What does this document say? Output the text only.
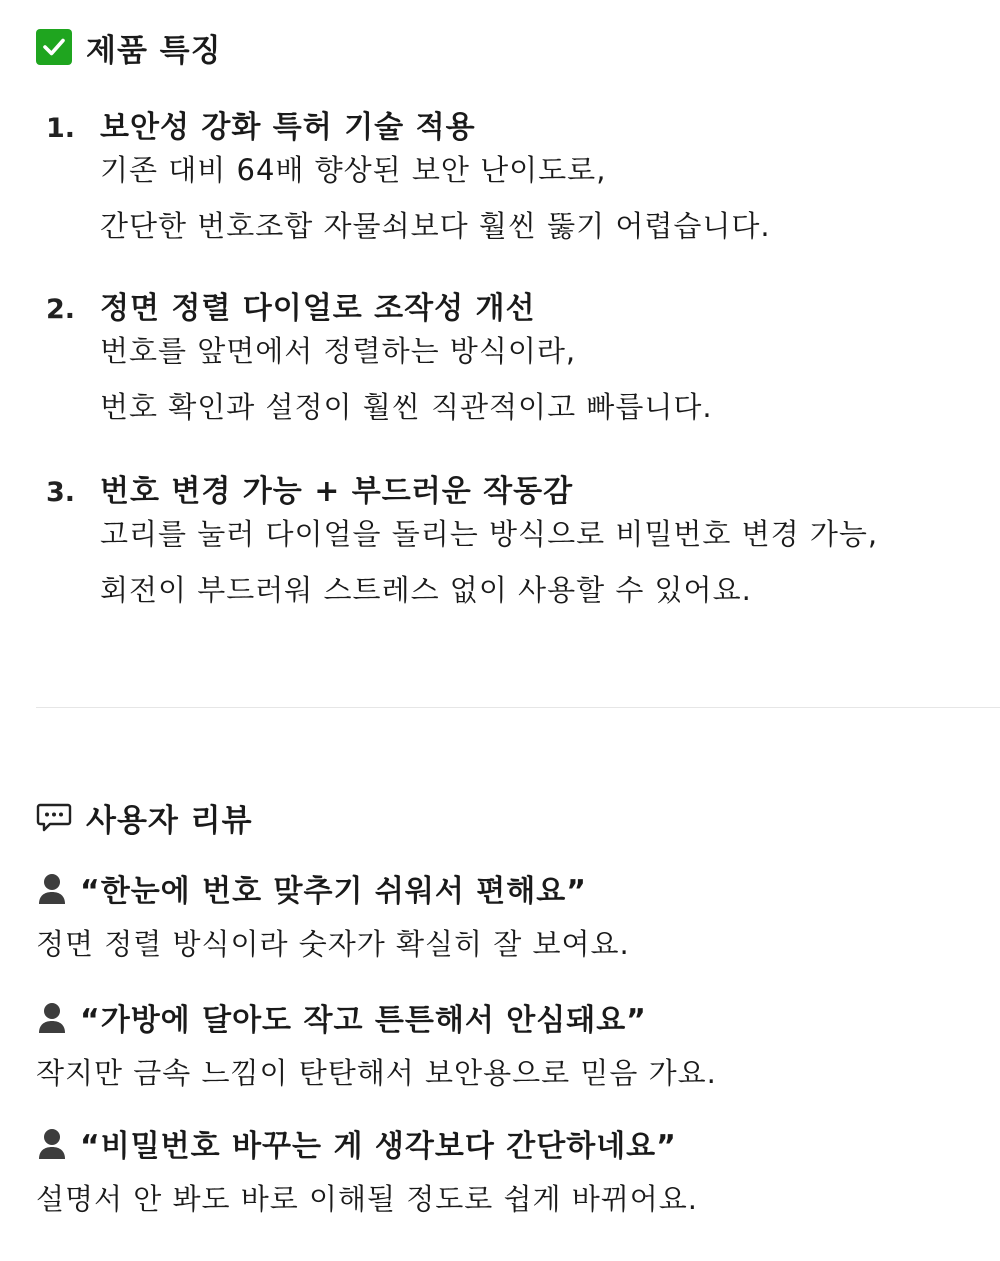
제품 특징
1. 보안성 강화 특허 기술 적용
기존 대비 64배 향상된 보안 난이도로,
간단한 번호조합 자물쇠보다 훨씬 뚫기 어렵습니다.
2. 정면 정렬 다이얼로 조작성 개선
번호를 앞면에서 정렬하는 방식이라,
번호 확인과 설정이 훨씬 직관적이고 빠릅니다.
3. 번호 변경 가능 + 부드러운 작동감
고리를 눌러 다이얼을 돌리는 방식으로 비밀번호 변경 가능,
회전이 부드러워 스트레스 없이 사용할 수 있어요.
사용자 리뷰
“한눈에 번호 맞추기 쉬워서 편해요”
정면 정렬 방식이라 숫자가 확실히 잘 보여요.
“가방에 달아도 작고 튼튼해서 안심돼요”
작지만 금속 느낌이 탄탄해서 보안용으로 믿음 가요.
“비밀번호 바꾸는 게 생각보다 간단하네요”
설명서 안 봐도 바로 이해될 정도로 쉽게 바뀌어요.
